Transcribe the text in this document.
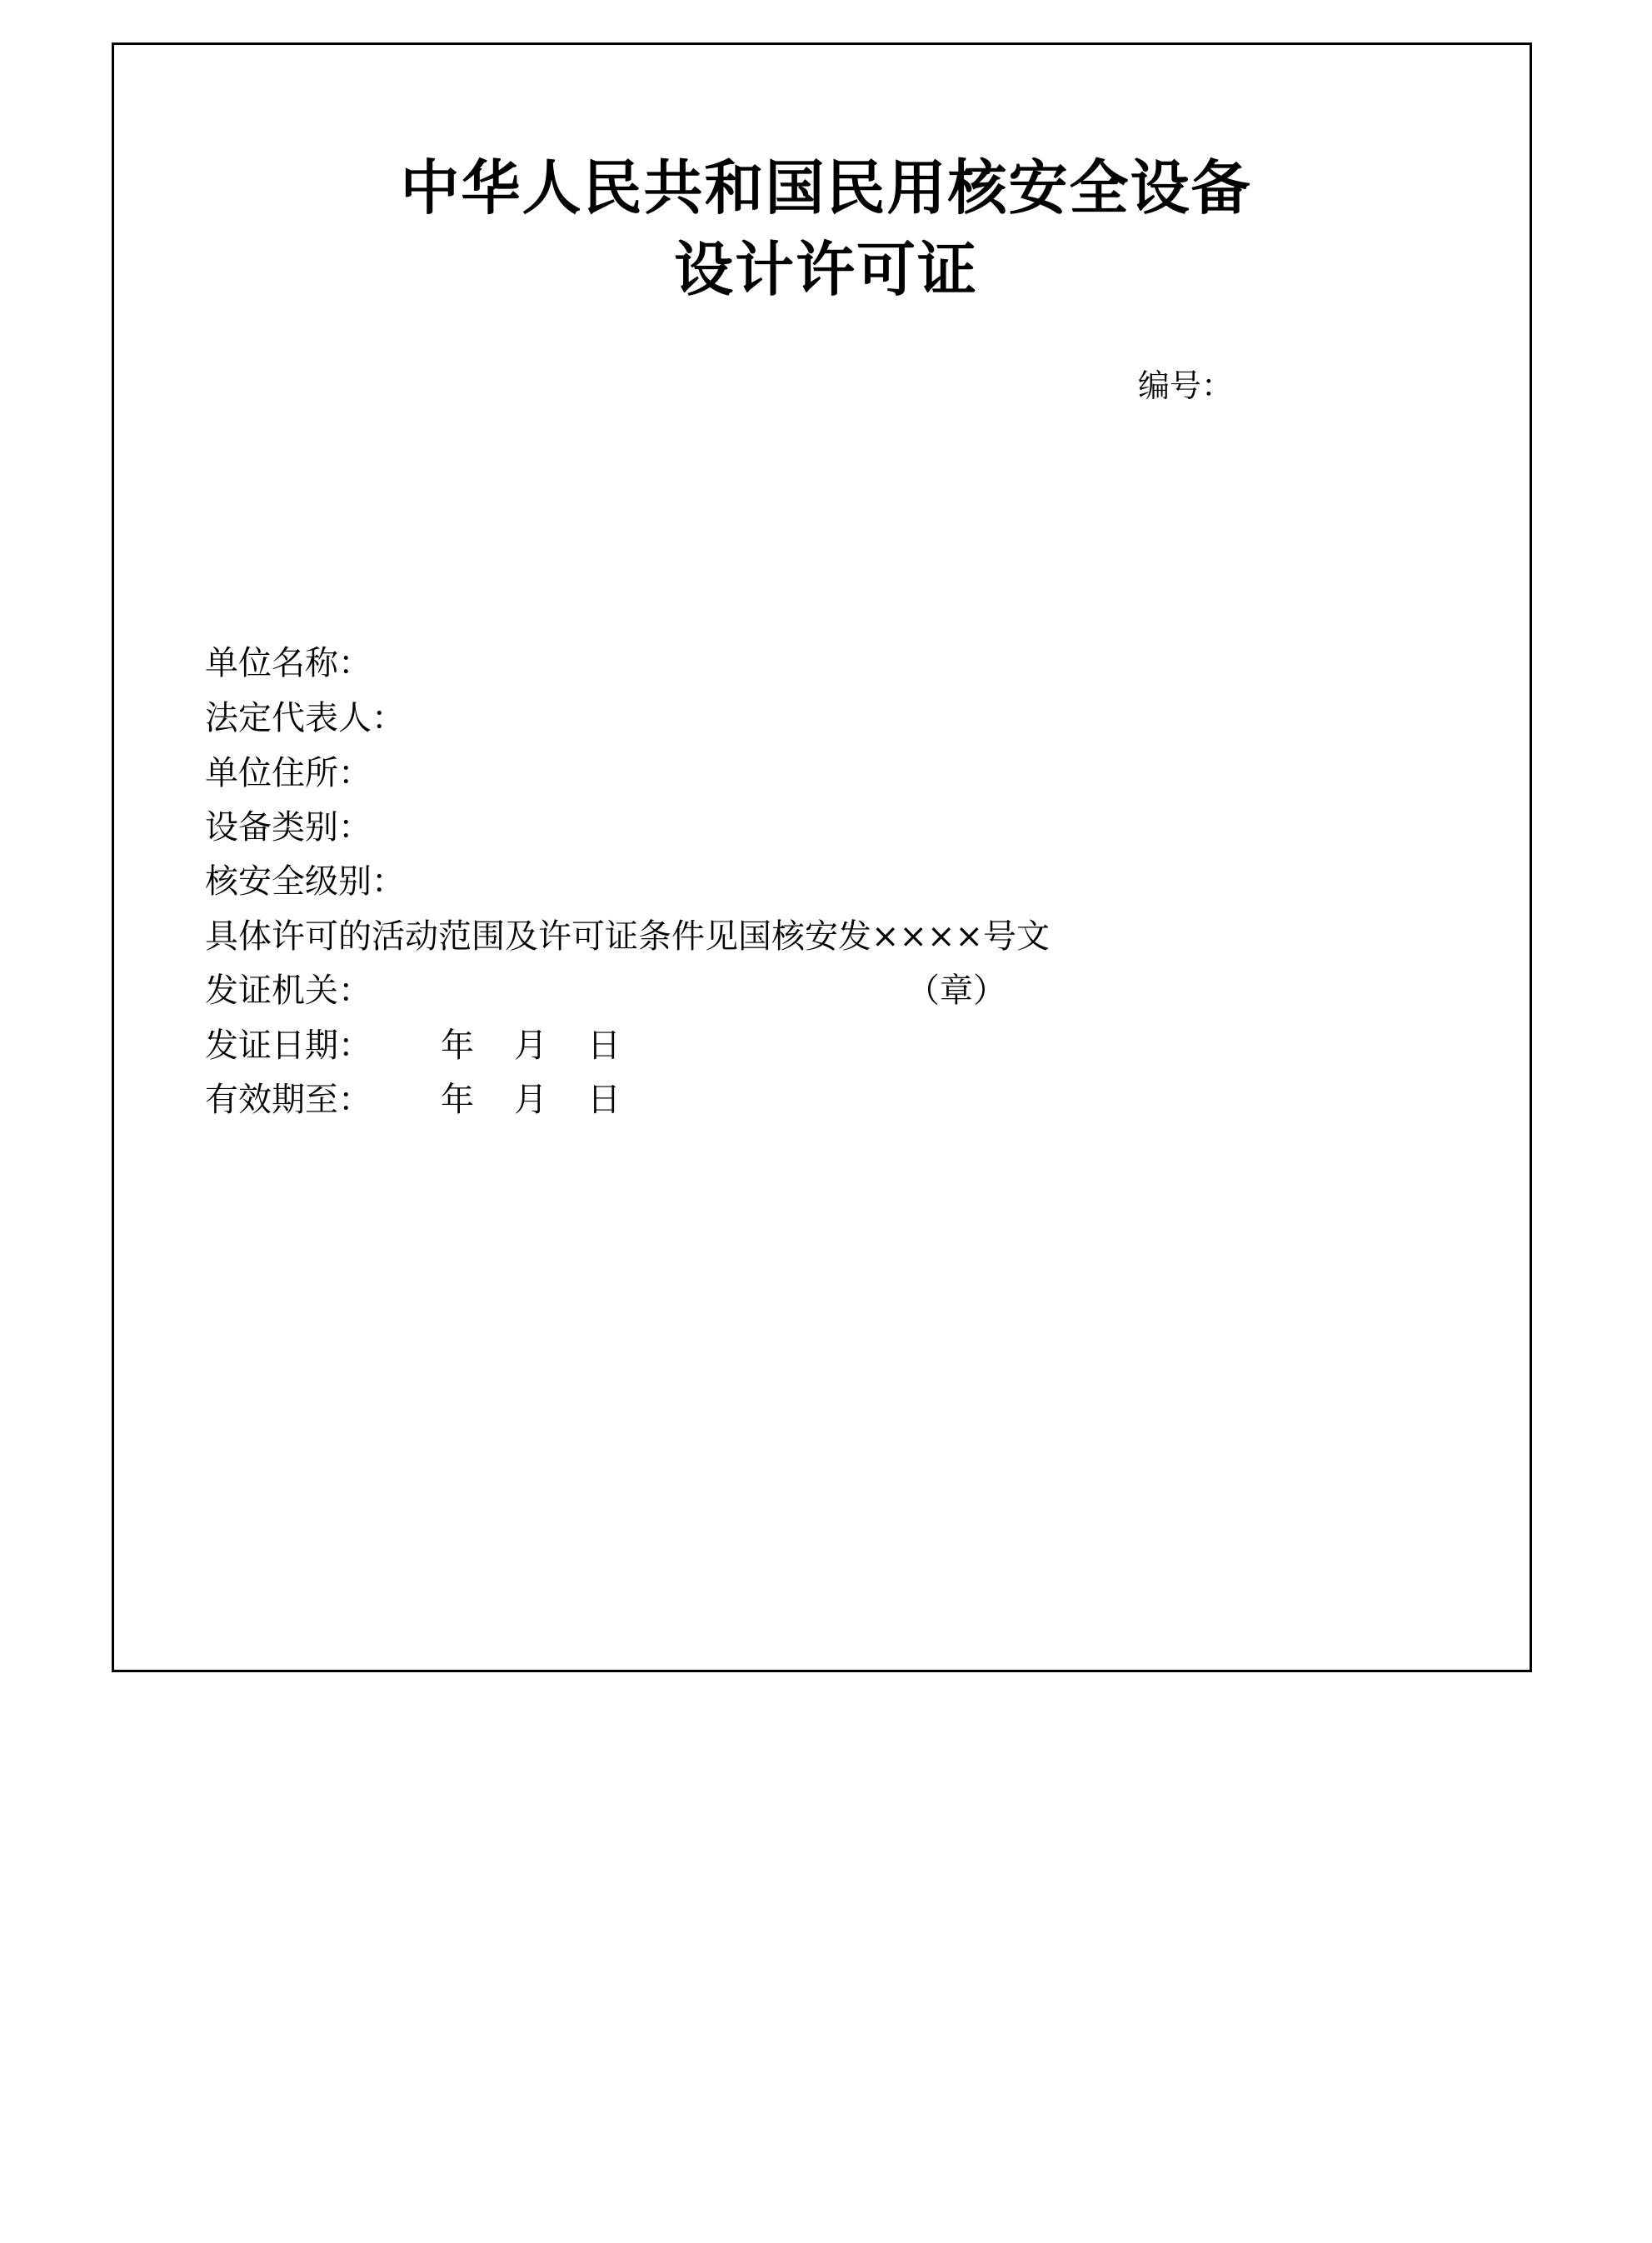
中华人民共和国民用核安全设备
设计许可证
编号：
单位名称：
法定代表人：
单位住所：
设备类别：
核安全级别：
具体许可的活动范围及许可证条件见国核安发××××号文
发证机关：	（章）
发证日期： 年 月 日
有效期至： 年 月 日
